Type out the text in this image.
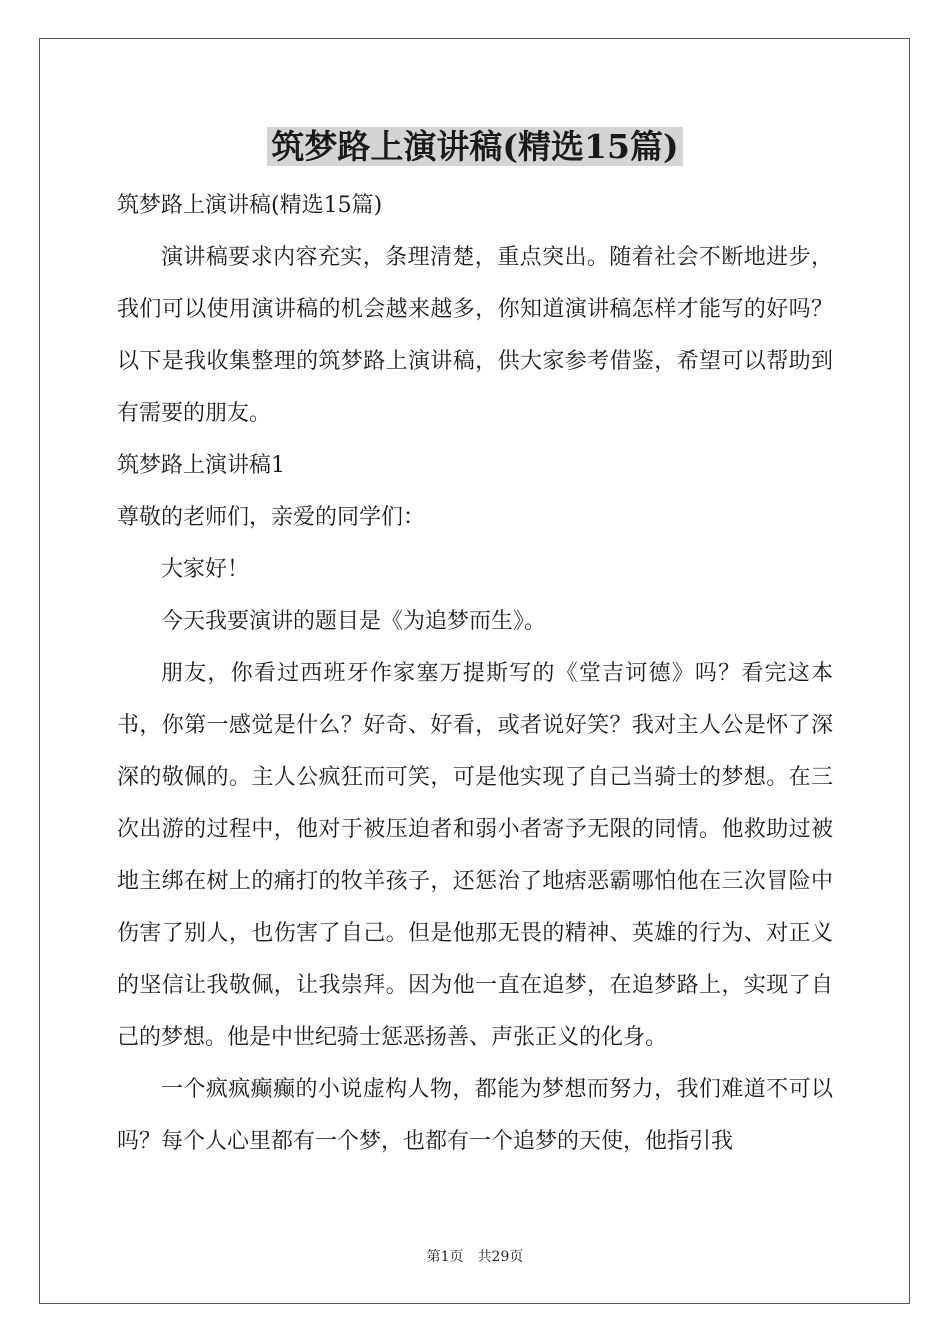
筑梦路上演讲稿(精选15篇)

筑梦路上演讲稿(精选15篇)

演讲稿要求内容充实，条理清楚，重点突出。随着社会不断地进步，我们可以使用演讲稿的机会越来越多，你知道演讲稿怎样才能写的好吗？以下是我收集整理的筑梦路上演讲稿，供大家参考借鉴，希望可以帮助到有需要的朋友。

筑梦路上演讲稿1

尊敬的老师们，亲爱的同学们：

大家好！

今天我要演讲的题目是《为追梦而生》。

朋友，你看过西班牙作家塞万提斯写的《堂吉诃德》吗？看完这本书，你第一感觉是什么？好奇、好看，或者说好笑？我对主人公是怀了深深的敬佩的。主人公疯狂而可笑，可是他实现了自己当骑士的梦想。在三次出游的过程中，他对于被压迫者和弱小者寄予无限的同情。他救助过被地主绑在树上的痛打的牧羊孩子，还惩治了地痞恶霸哪怕他在三次冒险中伤害了别人，也伤害了自己。但是他那无畏的精神、英雄的行为、对正义的坚信让我敬佩，让我崇拜。因为他一直在追梦，在追梦路上，实现了自己的梦想。他是中世纪骑士惩恶扬善、声张正义的化身。

一个疯疯癫癫的小说虚构人物，都能为梦想而努力，我们难道不可以吗？每个人心里都有一个梦，也都有一个追梦的天使，他指引我

第1页　共29页
